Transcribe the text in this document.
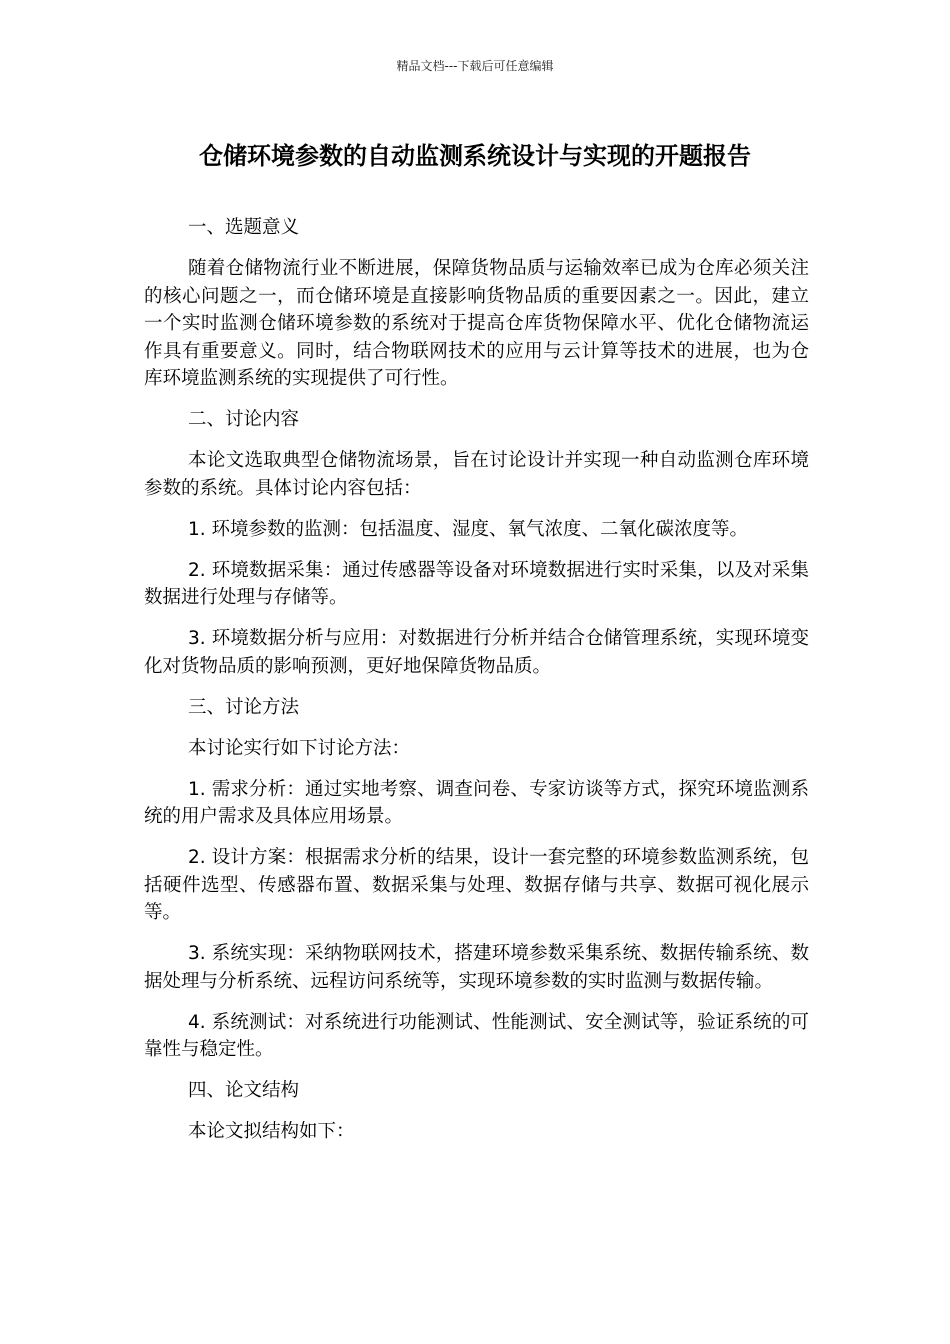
精品文档---下载后可任意编辑
仓储环境参数的自动监测系统设计与实现的开题报告

一、选题意义

随着仓储物流行业不断进展，保障货物品质与运输效率已成为仓库必须关注的核心问题之一，而仓储环境是直接影响货物品质的重要因素之一。因此，建立一个实时监测仓储环境参数的系统对于提高仓库货物保障水平、优化仓储物流运作具有重要意义。同时，结合物联网技术的应用与云计算等技术的进展，也为仓库环境监测系统的实现提供了可行性。

二、讨论内容

本论文选取典型仓储物流场景，旨在讨论设计并实现一种自动监测仓库环境参数的系统。具体讨论内容包括：

1. 环境参数的监测：包括温度、湿度、氧气浓度、二氧化碳浓度等。

2. 环境数据采集：通过传感器等设备对环境数据进行实时采集，以及对采集数据进行处理与存储等。

3. 环境数据分析与应用：对数据进行分析并结合仓储管理系统，实现环境变化对货物品质的影响预测，更好地保障货物品质。

三、讨论方法

本讨论实行如下讨论方法：

1. 需求分析：通过实地考察、调查问卷、专家访谈等方式，探究环境监测系统的用户需求及具体应用场景。

2. 设计方案：根据需求分析的结果，设计一套完整的环境参数监测系统，包括硬件选型、传感器布置、数据采集与处理、数据存储与共享、数据可视化展示等。

3. 系统实现：采纳物联网技术，搭建环境参数采集系统、数据传输系统、数据处理与分析系统、远程访问系统等，实现环境参数的实时监测与数据传输。

4. 系统测试：对系统进行功能测试、性能测试、安全测试等，验证系统的可靠性与稳定性。

四、论文结构

本论文拟结构如下：
